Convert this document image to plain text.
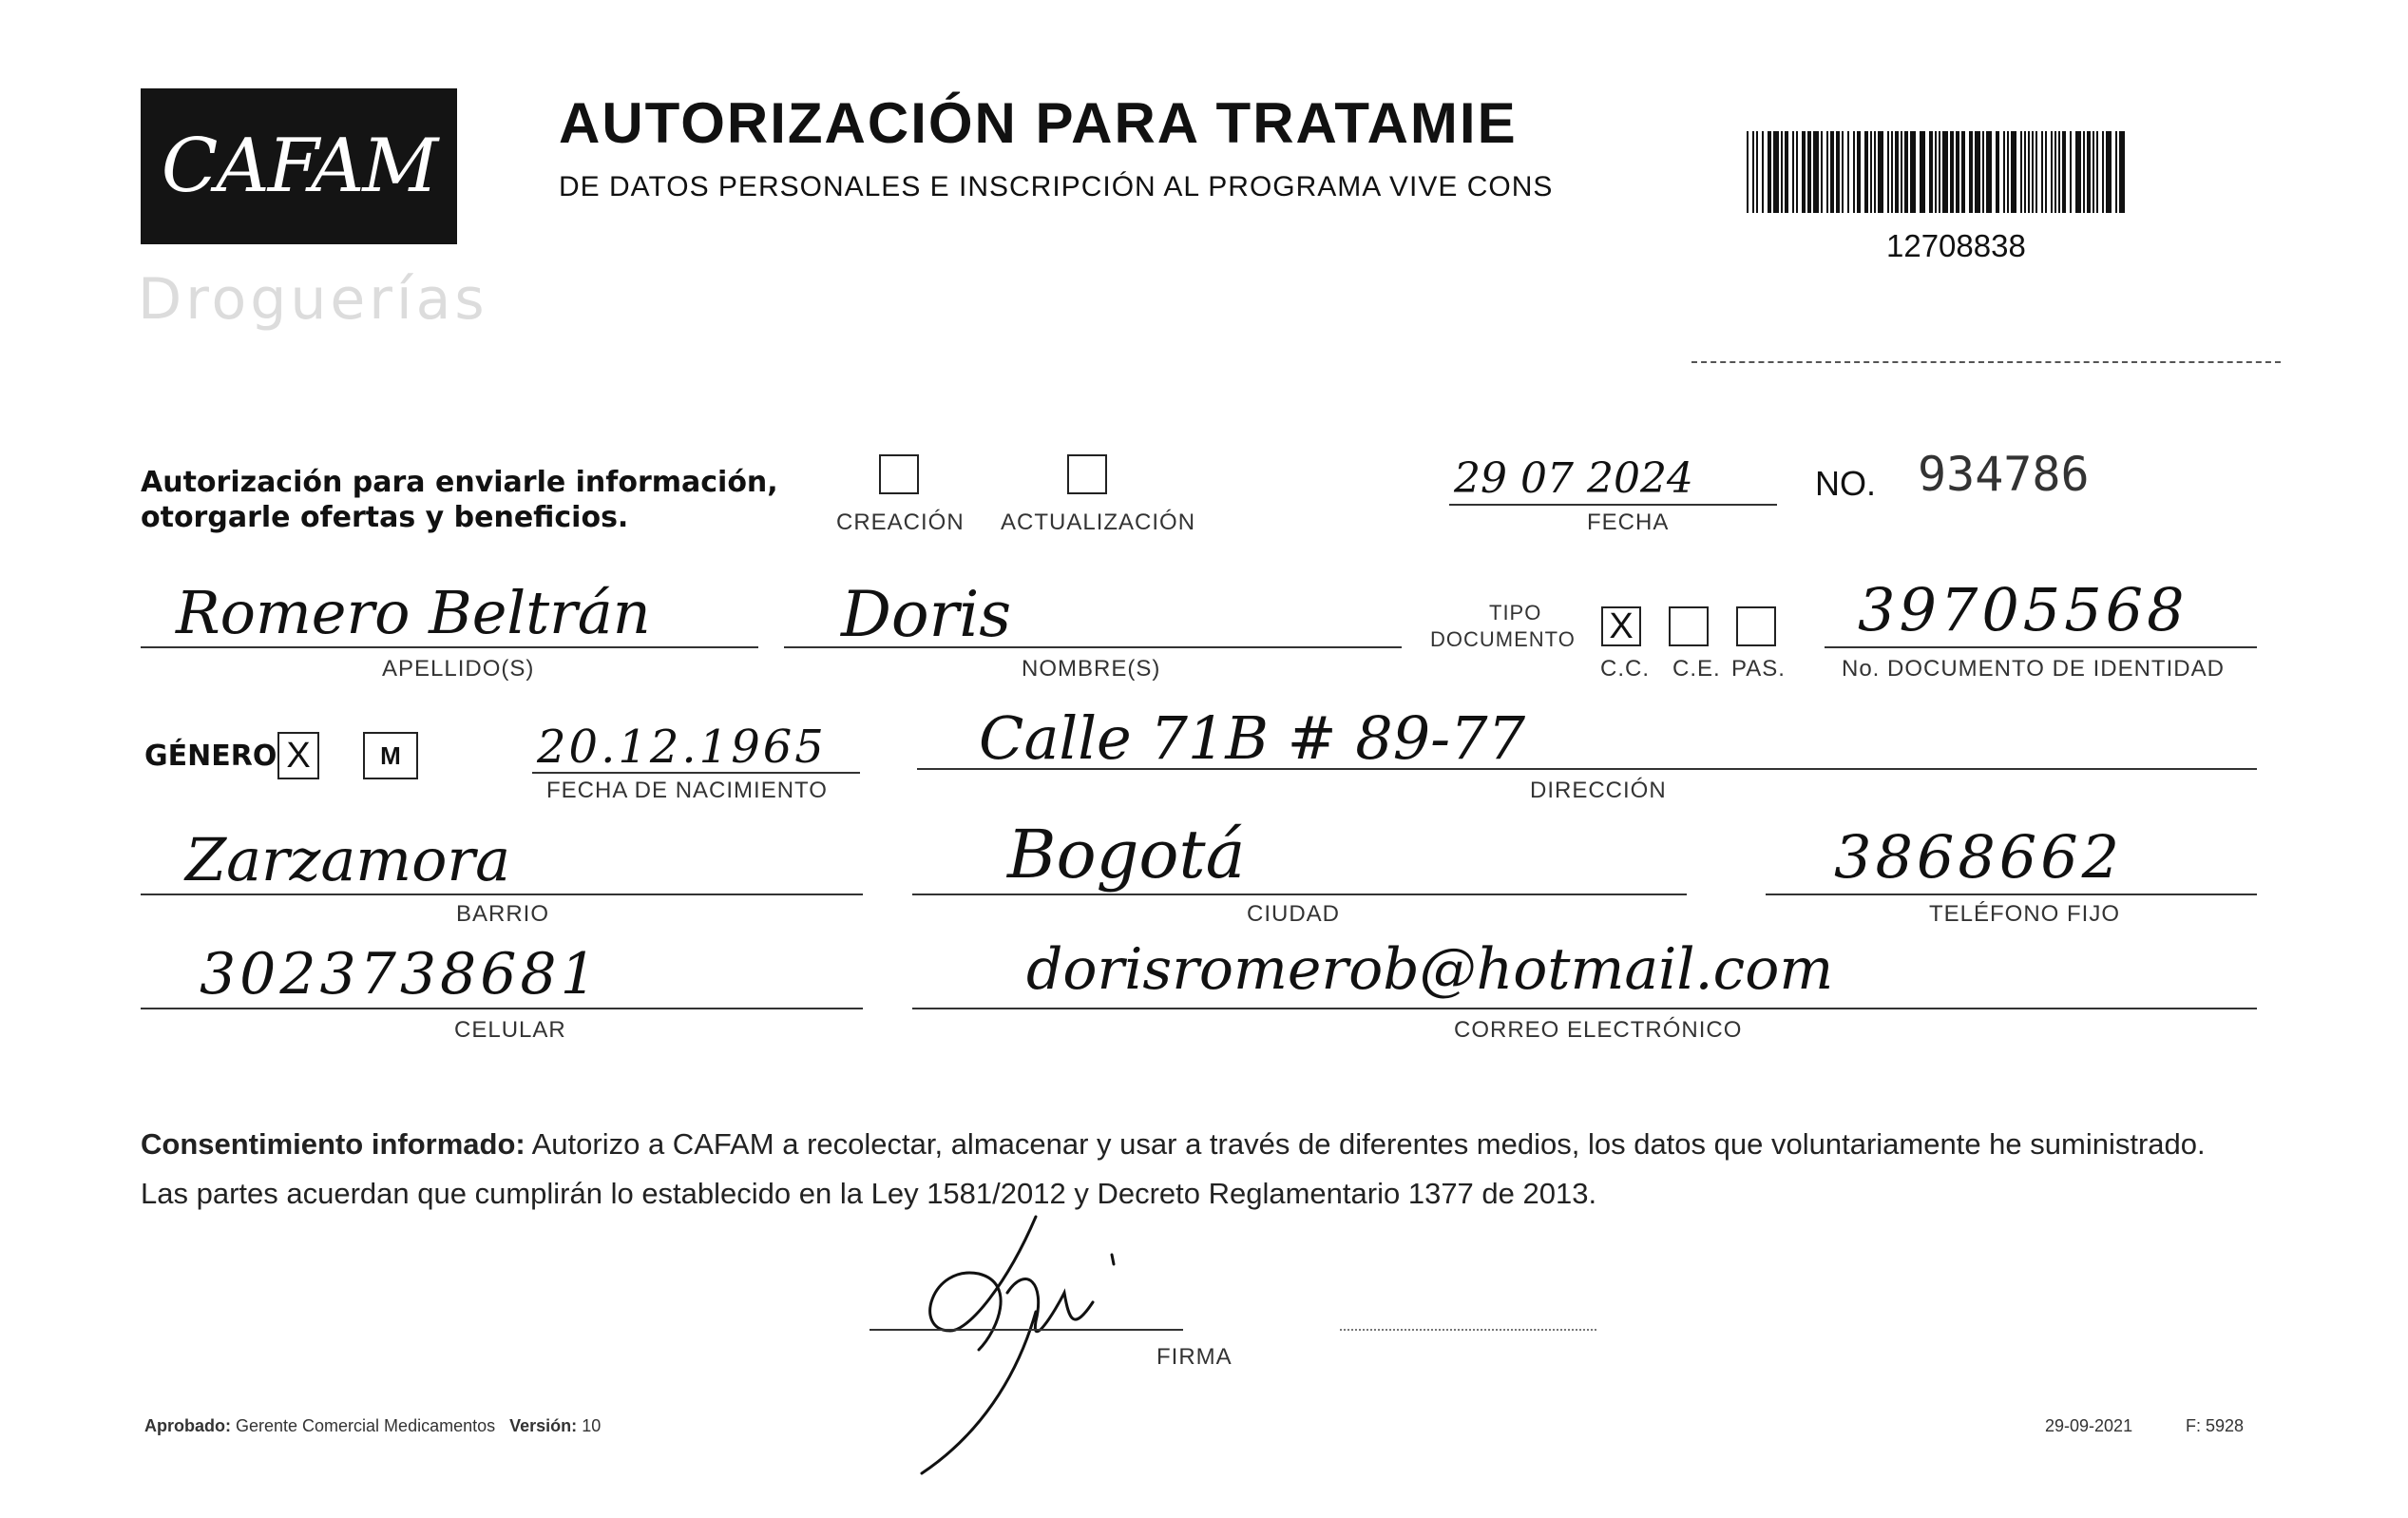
CAFAM
Droguerías
AUTORIZACIÓN PARA TRATAMIE
DE DATOS PERSONALES E INSCRIPCIÓN AL PROGRAMA VIVE CONS
12708838
Autorización para enviarle información,
otorgarle ofertas y beneficios.	CREACIÓN ACTUALIZACIÓN
29 07 2024
FECHA
NO. 934786
Romero Beltrán
APELLIDO(S)
Doris
NOMBRE(S)
TIPO
DOCUMENTO X
C.C. C.E. PAS.
39705568
No. DOCUMENTO DE IDENTIDAD
GÉNERO X	M	20.12.1965
FECHA DE NACIMIENTO
Calle 71B # 89-77
DIRECCIÓN
Zarzamora
BARRIO
Bogotá
CIUDAD
3868662
TELÉFONO FIJO
3023738681
CELULAR
dorisromerob@hotmail.com
CORREO ELECTRÓNICO
Consentimiento informado: Autorizo a CAFAM a recolectar, almacenar y usar a través de diferentes medios, los datos que voluntariamente he suministrado.
Las partes acuerdan que cumplirán lo establecido en la Ley 1581/2012 y Decreto Reglamentario 1377 de 2013.
FIRMA
Aprobado: Gerente Comercial Medicamentos Versión: 10	29-09-2021	F: 5928
